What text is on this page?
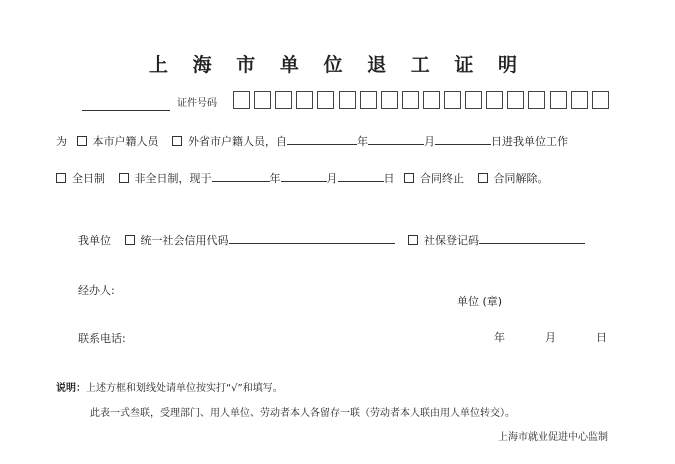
上 海 市 单 位 退 工 证 明
证件号码
为 本市户籍人员	外省市户籍人员，自	年	月	日进我单位工作
全日制	非全日制，现于	年	月	日 合同终止	合同解除。
我单位	统一社会信用代码	社保登记码
经办人:
单位 (章)
联系电话:	年	月	日
说明：上述方框和划线处请单位按实打“√”和填写。
此表一式叁联，受理部门、用人单位、劳动者本人各留存一联（劳动者本人联由用人单位转交）。
上海市就业促进中心监制
